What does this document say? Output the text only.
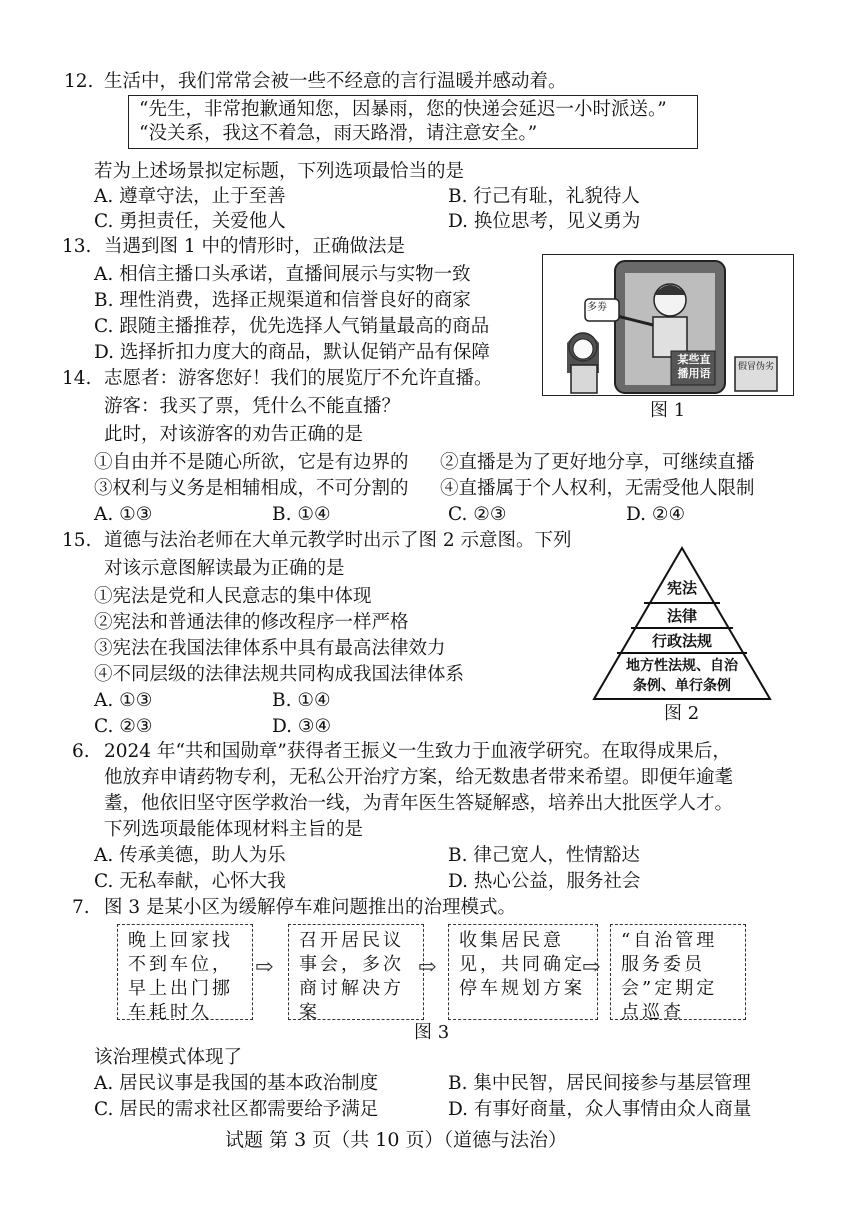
12. 生活中，我们常常会被一些不经意的言行温暖并感动着。
“先生，非常抱歉通知您，因暴雨，您的快递会延迟一小时派送。”
“没关系，我这不着急，雨天路滑，请注意安全。”
若为上述场景拟定标题，下列选项最恰当的是
A. 遵章守法，止于至善	B. 行己有耻，礼貌待人
C. 勇担责任，关爱他人	D. 换位思考，见义勇为
13. 当遇到图 1 中的情形时，正确做法是
A. 相信主播口头承诺，直播间展示与实物一致
B. 理性消费，选择正规渠道和信誉良好的商家
C. 跟随主播推荐，优先选择人气销量最高的商品
D. 选择折扣力度大的商品，默认促销产品有保障
多劵
某些直播用语	假冒伪劣
图 1
14. 志愿者：游客您好！我们的展览厅不允许直播。
游客：我买了票，凭什么不能直播？
此时，对该游客的劝告正确的是
①自由并不是随心所欲，它是有边界的 ②直播是为了更好地分享，可继续直播
③权利与义务是相辅相成，不可分割的 ④直播属于个人权利，无需受他人限制
A. ①③	B. ①④	C. ②③	D. ②④
15. 道德与法治老师在大单元教学时出示了图 2 示意图。下列
对该示意图解读最为正确的是
①宪法是党和人民意志的集中体现
②宪法和普通法律的修改程序一样严格
③宪法在我国法律体系中具有最高法律效力
④不同层级的法律法规共同构成我国法律体系
A. ①③	B. ①④
C. ②③	D. ③④
宪法
法律
行政法规
地方性法规、自治
条例、单行条例
图 2
6. 2024 年“共和国勋章”获得者王振义一生致力于血液学研究。在取得成果后，
他放弃申请药物专利，无私公开治疗方案，给无数患者带来希望。即便年逾耄
耋，他依旧坚守医学救治一线，为青年医生答疑解惑，培养出大批医学人才。
下列选项最能体现材料主旨的是
A. 传承美德，助人为乐	B. 律己宽人，性情豁达
C. 无私奉献，心怀大我	D. 热心公益，服务社会
7. 图 3 是某小区为缓解停车难问题推出的治理模式。
晚上回家找不到车位，早上出门挪车耗时久
⇨
召开居民议事会，多次商讨解决方案
⇨
收集居民意见，共同确定停车规划方案
⇨
“自治管理服务委员会”定期定点巡查
图 3
该治理模式体现了
A. 居民议事是我国的基本政治制度	B. 集中民智，居民间接参与基层管理
C. 居民的需求社区都需要给予满足	D. 有事好商量，众人事情由众人商量
试题 第 3 页（共 10 页）（道德与法治）
